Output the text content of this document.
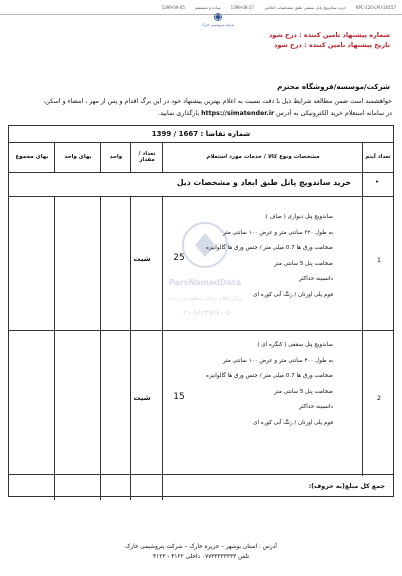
KPC-120-LPU-20157
خرید ساندویچ پانل سقفی طبق مشخصات اعلامی
1399-08-27
ساده و مستقیم
1399-09-05
شرکت پتروشیمی خارک
شماره پیشنهاد تامین کننده : درج شود
تاریخ پیشنهاد تامین کننده : درج شود
شرکت/موسسه/فروشگاه محترم
خواهشمند است ضمن مطالعه شرایط ذیل با دقت نسبت به اعلام بهترین پیشنهاد خود در این برگ اقدام و پس از مهر ، امضاء و اسکن،
در سامانه استعلام خرید الکترونیکی به آدرس https://simatender.ir بارگذاری نمایید.
شماره تقاضا : 1667 / 1399
تعداد آیتم
مشخصات ونوع کالا / خدمات مورد استعلام
تعداد / مقدار
واحد
بهای واحد
بهای مجموع
•
خرید ساندویچ پانل طبق ابعاد و مشخصات ذیل
1
ساندویچ پنل دیواری ( صاف )
به طول ۳۲۰ سانتی متر و عرض ۱۰۰ سانتی متر
ضخامت ورق ها 0.7 میلی متر / جنس ورق ها گالوانیزه
ضخامت پنل 5 سانتی متر
دانسیته حداکثر
فوم پلی اورتان / رنگ آبی کوره ای
25
شیت
2
ساندویچ پنل سقفی ( کنگره ای )
به طول ۴۰۰ سانتی متر و عرض ۱۰۰ سانتی متر
ضخامت ورق ها 0.7 میلی متر / جنس ورق ها گالوانیزه
ضخامت پنل 5 سانتی متر
دانسیته حداکثر
فوم پلی اورتان / رنگ آبی کوره ای
15
شیت
جمع کل مبلغ(به حروف):
ParsNamadData
مرکز اطلاع رسانی مناقصه و مزایده
۰۲۱-۸۸۳۴۹۶۷۰-۵
آدرس : استان بوشهر – جزیره خارک – شرکت پتروشیمی خارک
تلفن ۰۷۷۳۳۳۳۳۳۳۳ داخلی ۴۱۲۲ - ۴۱۲۳
